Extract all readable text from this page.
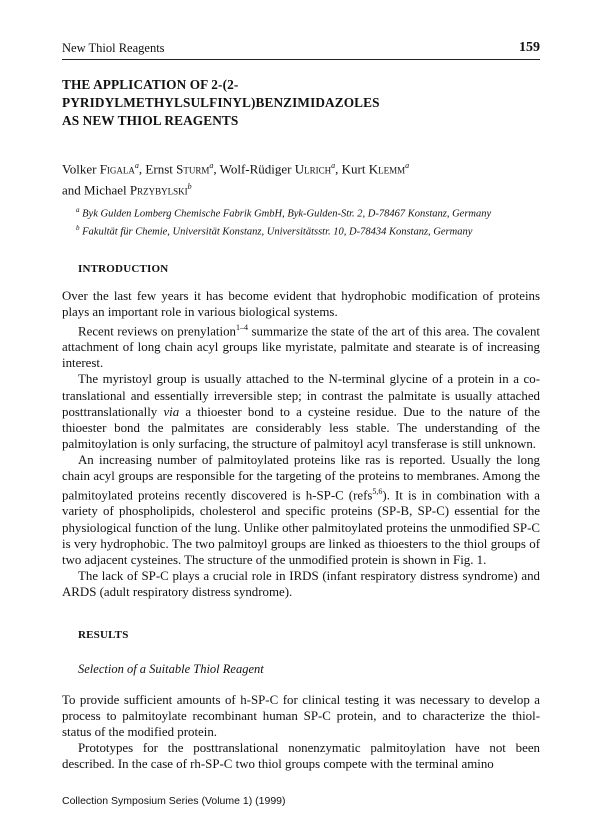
New Thiol Reagents	159
THE APPLICATION OF 2-(2-PYRIDYLMETHYLSULFINYL)BENZIMIDAZOLES
AS NEW THIOL REAGENTS
Volker Figala$^a$, Ernst Sturm$^a$, Wolf-Rüdiger Ulrich$^a$, Kurt Klemm$^a$
and Michael Przybylski$^b$
$^a$ Byk Gulden Lomberg Chemische Fabrik GmbH, Byk-Gulden-Str. 2, D-78467 Konstanz, Germany
$^b$ Fakultät für Chemie, Universität Konstanz, Universitätsstr. 10, D-78434 Konstanz, Germany
INTRODUCTION

Over the last few years it has become evident that hydrophobic modification of proteins plays an important role in various biological systems.

Recent reviews on prenylation$^{1-4}$ summarize the state of the art of this area. The covalent attachment of long chain acyl groups like myristate, palmitate and stearate is of increasing interest.

The myristoyl group is usually attached to the N-terminal glycine of a protein in a co-translational and essentially irreversible step; in contrast the palmitate is usually attached posttranslationally via a thioester bond to a cysteine residue. Due to the nature of the thioester bond the palmitates are considerably less stable. The understanding of the palmitoylation is only surfacing, the structure of palmitoyl acyl transferase is still unknown.

An increasing number of palmitoylated proteins like ras is reported. Usually the long chain acyl groups are responsible for the targeting of the proteins to membranes. Among the palmitoylated proteins recently discovered is h-SP-C (refs$^{5,6}$). It is in combination with a variety of phospholipids, cholesterol and specific proteins (SP-B, SP-C) essential for the physiological function of the lung. Unlike other palmitoylated proteins the unmodified SP-C is very hydrophobic. The two palmitoyl groups are linked as thioesters to the thiol groups of two adjacent cysteines. The structure of the unmodified protein is shown in Fig. 1.

The lack of SP-C plays a crucial role in IRDS (infant respiratory distress syndrome) and ARDS (adult respiratory distress syndrome).

RESULTS
Selection of a Suitable Thiol Reagent

To provide sufficient amounts of h-SP-C for clinical testing it was necessary to develop a process to palmitoylate recombinant human SP-C protein, and to characterize the thiol-status of the modified protein.

Prototypes for the posttranslational nonenzymatic palmitoylation have not been described. In the case of rh-SP-C two thiol groups compete with the terminal amino

Collection Symposium Series (Volume 1) (1999)
